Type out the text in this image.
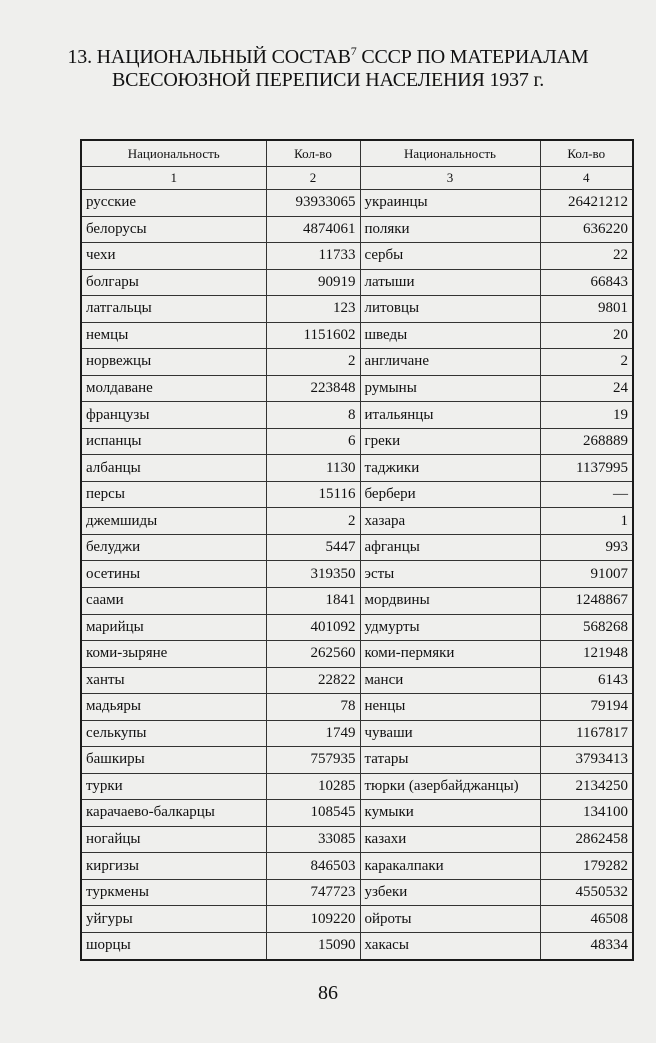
13. НАЦИОНАЛЬНЫЙ СОСТАВ$^7$ СССР ПО МАТЕРИАЛАМ
ВСЕСОЮЗНОЙ ПЕРЕПИСИ НАСЕЛЕНИЯ 1937 г.
Национальность	Кол-во	Национальность	Кол-во
1	2	3	4
русские	93933065	украинцы	26421212
белорусы	4874061	поляки	636220
чехи	11733	сербы	22
болгары	90919	латыши	66843
латгальцы	123	литовцы	9801
немцы	1151602	шведы	20
норвежцы	2	англичане	2
молдаване	223848	румыны	24
французы	8	итальянцы	19
испанцы	6	греки	268889
албанцы	1130	таджики	1137995
персы	15116	бербери	—
джемшиды	2	хазара	1
белуджи	5447	афганцы	993
осетины	319350	эсты	91007
саами	1841	мордвины	1248867
марийцы	401092	удмурты	568268
коми-зыряне	262560	коми-пермяки	121948
ханты	22822	манси	6143
мадьяры	78	ненцы	79194
селькупы	1749	чуваши	1167817
башкиры	757935	татары	3793413
турки	10285	тюрки (азербайджанцы)	2134250
карачаево-балкарцы	108545	кумыки	134100
ногайцы	33085	казахи	2862458
киргизы	846503	каракалпаки	179282
туркмены	747723	узбеки	4550532
уйгуры	109220	ойроты	46508
шорцы	15090	хакасы	48334
86
